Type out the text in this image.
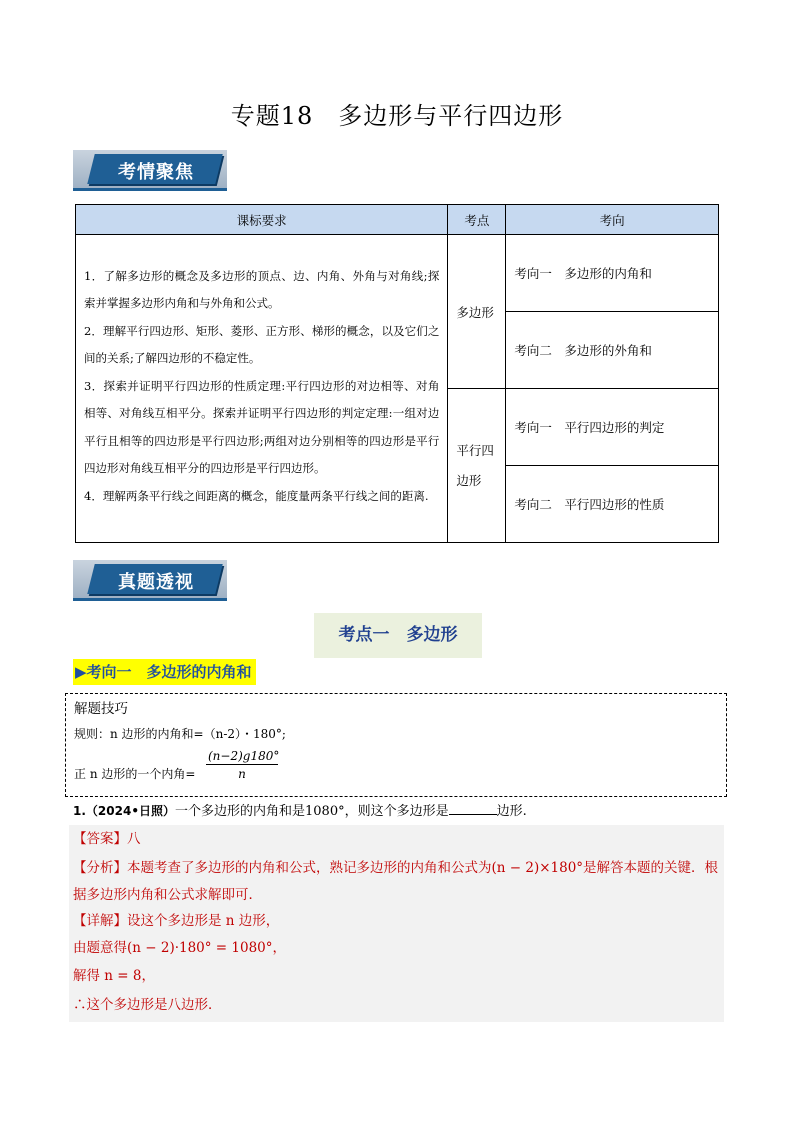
专题18　多边形与平行四边形
考情聚焦
课标要求	考点	考向

1．了解多边形的概念及多边形的顶点、边、内角、外角与对角线;探索并掌握多边形内角和与外角和公式。

2．理解平行四边形、矩形、菱形、正方形、梯形的概念，以及它们之间的关系;了解四边形的不稳定性。

3．探索并证明平行四边形的性质定理:平行四边形的对边相等、对角相等、对角线互相平分。探索并证明平行四边形的判定定理:一组对边平行且相等的四边形是平行四边形;两组对边分别相等的四边形是平行四边形对角线互相平分的四边形是平行四边形。

4．理解两条平行线之间距离的概念，能度量两条平行线之间的距离.	多边形	考向一　多边形的内角和
		考向二　多边形的外角和
	平行四边形	考向一　平行四边形的判定
		考向二　平行四边形的性质
真题透视
考点一　多边形
▶考向一　多边形的内角和
解题技巧
规则：n 边形的内角和=（n-2）・180°;
正 n 边形的一个内角= $\frac{(n-2)g180^\circ}{n}$
1.（2024•日照）一个多边形的内角和是1080°，则这个多边形是	边形.

【答案】八

【分析】本题考查了多边形的内角和公式，熟记多边形的内角和公式为(n − 2)×180°是解答本题的关键．根据多边形内角和公式求解即可．

【详解】设这个多边形是 n 边形，

由题意得(n − 2)·180° = 1080°，

解得 n = 8，

∴这个多边形是八边形．
